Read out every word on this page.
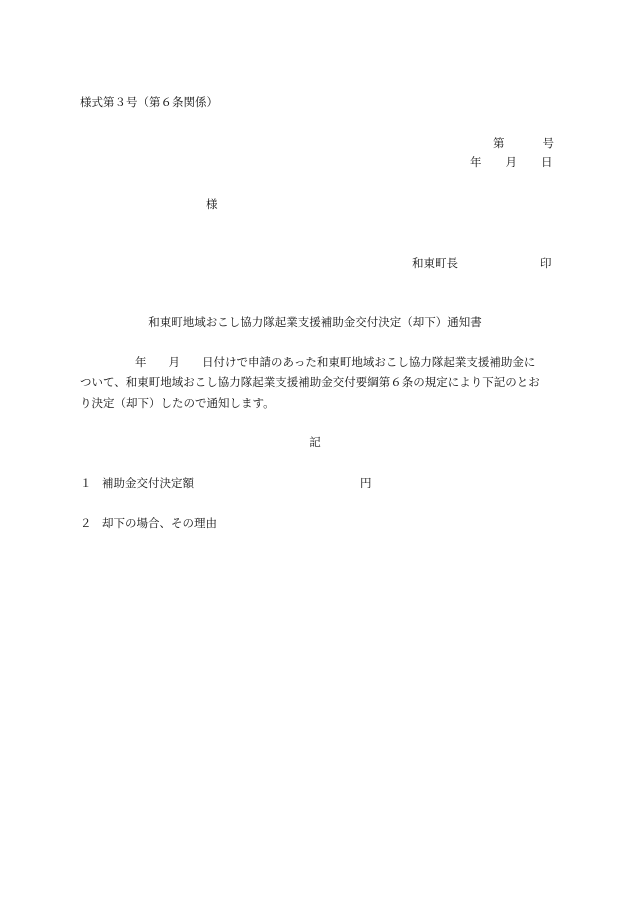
様式第３号（第６条関係）
第	号
年 月 日
様
和東町長	印
和東町地域おこし協力隊起業支援補助金交付決定（却下）通知書
年 月 日付けで申請のあった和東町地域おこし協力隊起業支援補助金に
ついて、和東町地域おこし協力隊起業支援補助金交付要綱第６条の規定により下記のとお
り決定（却下）したので通知します。
記
１ 補助金交付決定額	円
２ 却下の場合、その理由
